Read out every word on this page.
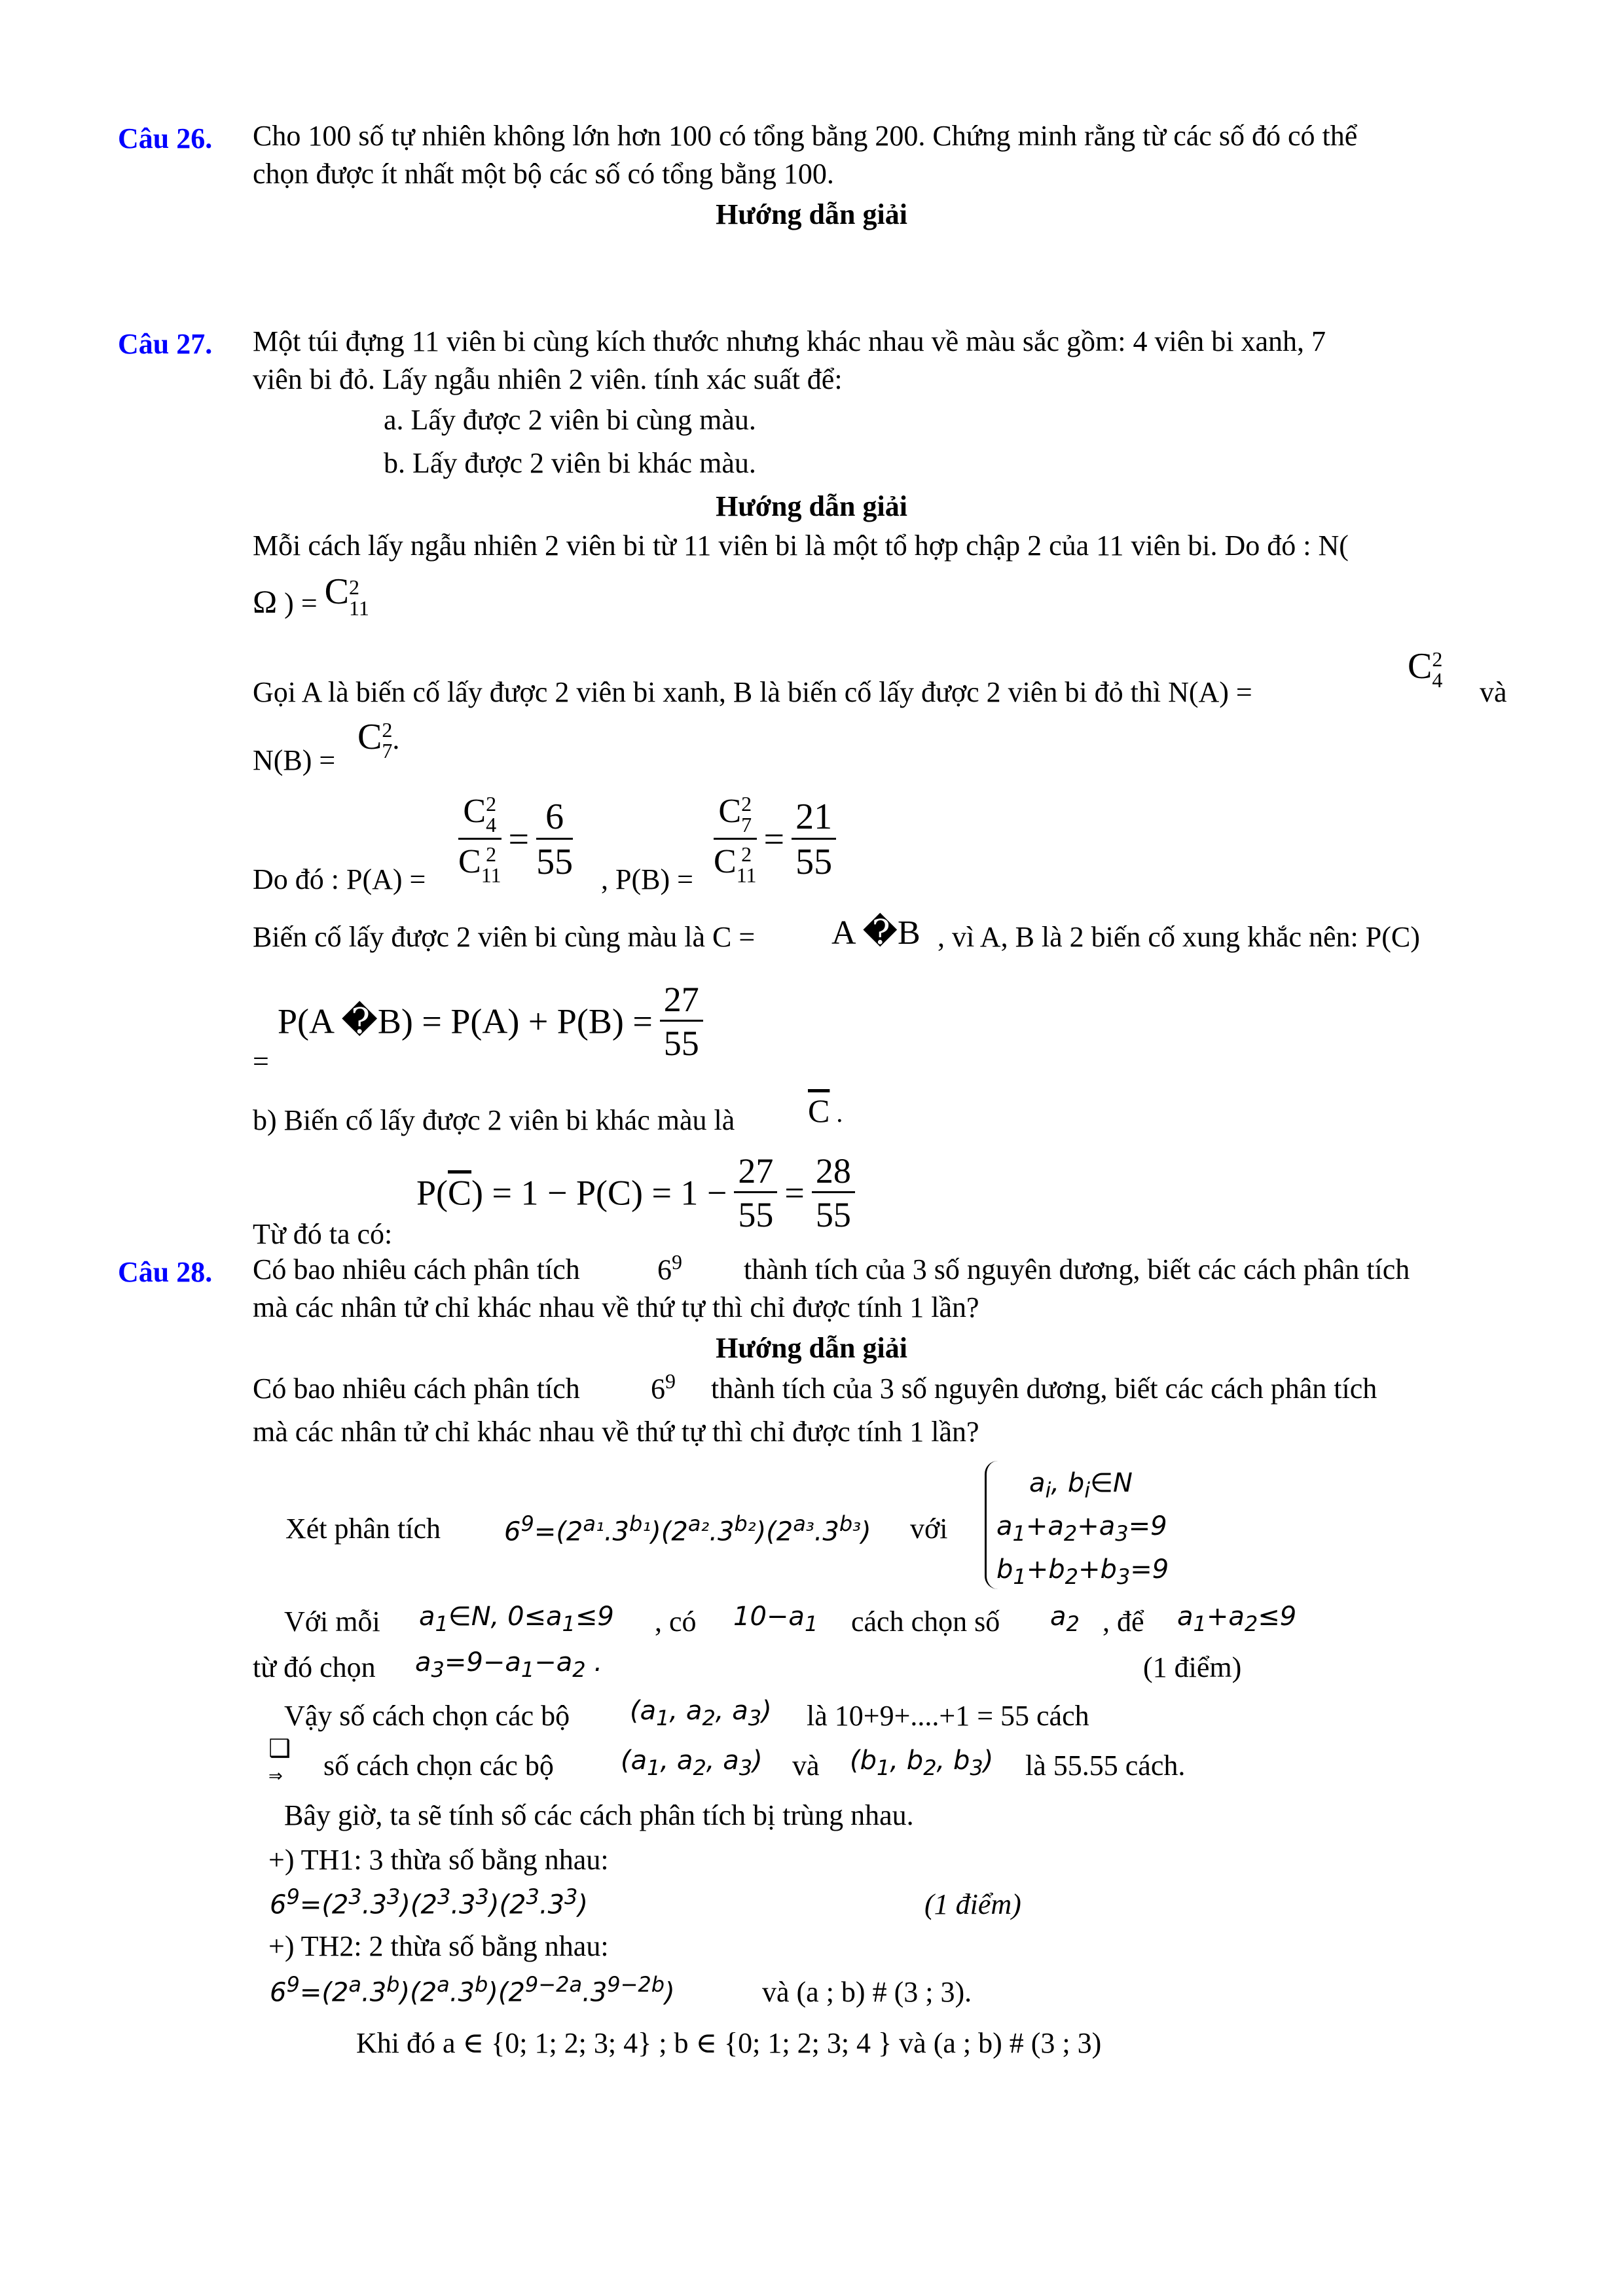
Câu 26. Cho 100 số tự nhiên không lớn hơn 100 có tổng bằng 200. Chứng minh rằng từ các số đó có thể
chọn được ít nhất một bộ các số có tổng bằng 100.
Hướng dẫn giải
Câu 27. Một túi đựng 11 viên bi cùng kích thước nhưng khác nhau về màu sắc gồm: 4 viên bi xanh, 7
viên bi đỏ. Lấy ngẫu nhiên 2 viên. tính xác suất để:
a. Lấy được 2 viên bi cùng màu.
b. Lấy được 2 viên bi khác màu.
Hướng dẫn giải
Mỗi cách lấy ngẫu nhiên 2 viên bi từ 11 viên bi là một tổ hợp chập 2 của 11 viên bi. Do đó : N(
Ω ) = C 2
11
Gọi A là biến cố lấy được 2 viên bi xanh, B là biến cố lấy được 2 viên bi đỏ thì N(A) =
C 2
4 và
N(B) =
C 2
7 .
Do đó : P(A) = C 2
4
C 2
$11 = \frac{6}{55}$ , P(B) = C 2
7
C 2
$11 = \frac{21}{55}$
Biến cố lấy được 2 viên bi cùng màu là C = A �B , vì A, B là 2 biến cố xung khắc nên: P(C)
=
P(A �B) = $P(A) + P(B) = \frac{27}{55}$
b) Biến cố lấy được 2 viên bi khác màu là $\overline{C}$ .
Từ đó ta có:
$P(\overline{C}) = 1 - P(C) = 1 - \frac{27}{55} = \frac{28}{55}$
Câu 28. Có bao nhiêu cách phân tích	$6^9$ thành tích của 3 số nguyên dương, biết các cách phân tích
mà các nhân tử chỉ khác nhau về thứ tự thì chỉ được tính 1 lần?
Hướng dẫn giải
Có bao nhiêu cách phân tích $6^9$ thành tích của 3 số nguyên dương, biết các cách phân tích
mà các nhân tử chỉ khác nhau về thứ tự thì chỉ được tính 1 lần?
Xét phân tích $6^9=(2^{a_1}.3^{b_1})(2^{a_2}.3^{b_2})(2^{a_3}.3^{b_3})$ với
$a_i$, $b_i\in N$
$a_1+a_2+a_3=9$
$b_1+b_2+b_3=9$
Với mỗi $a_1\in N$, $0\le a_1\le 9$ , có $10-a_1$ cách chọn số $a_2$ , để $a_1+a_2\le 9$
từ đó chọn $a_3=9-a_1-a_2$ .	(1 điểm)
Vậy số cách chọn các bộ ($a_1$, $a_2$, $a_3$) là 10+9+....+1 = 55 cách
❑
⇒ số cách chọn các bộ	($a_1$, $a_2$, $a_3$) và ($b_1$, $b_2$, $b_3$) là 55.55 cách.
Bây giờ, ta sẽ tính số các cách phân tích bị trùng nhau.
+) TH1: 3 thừa số bằng nhau:
$6^9=(2^3.3^3)(2^3.3^3)(2^3.3^3)$	(1 điểm)
+) TH2: 2 thừa số bằng nhau:
$6^9=(2^a.3^b)(2^a.3^b)(2^{9-2a}.3^{9-2b})$	và (a ; b) # (3 ; 3).
Khi đó a ∈ {0; 1; 2; 3; 4} ; b ∈ {0; 1; 2; 3; 4 } và (a ; b) # (3 ; 3)
